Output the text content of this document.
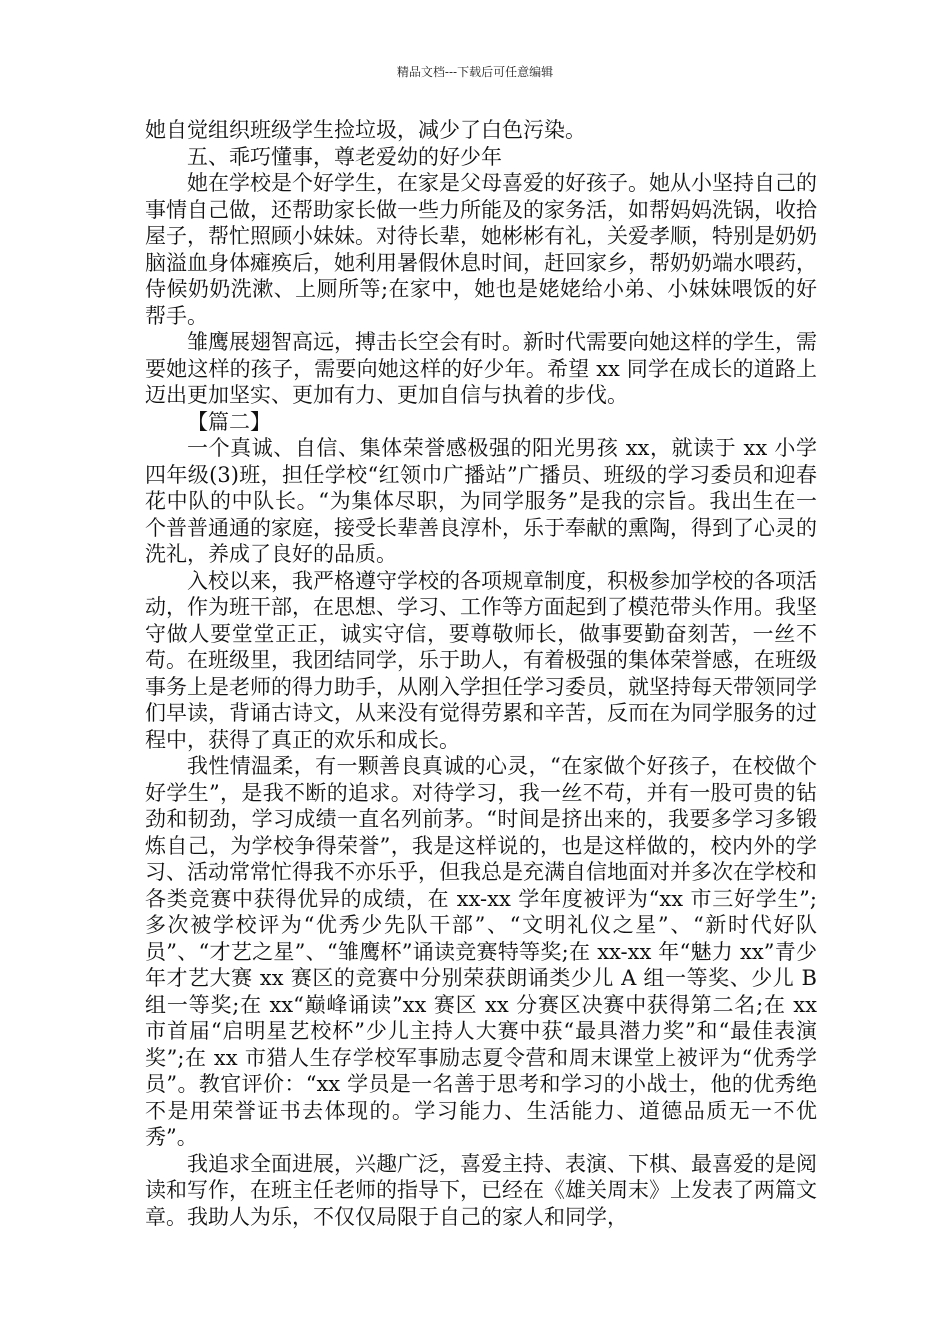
精品文档---下载后可任意编辑

她自觉组织班级学生捡垃圾，减少了白色污染。

五、乖巧懂事，尊老爱幼的好少年

她在学校是个好学生，在家是父母喜爱的好孩子。她从小坚持自己的事情自己做，还帮助家长做一些力所能及的家务活，如帮妈妈洗锅，收拾屋子，帮忙照顾小妹妹。对待长辈，她彬彬有礼，关爱孝顺，特别是奶奶脑溢血身体瘫痪后，她利用暑假休息时间，赶回家乡，帮奶奶端水喂药，侍候奶奶洗漱、上厕所等;在家中，她也是姥姥给小弟、小妹妹喂饭的好帮手。

雏鹰展翅智高远，搏击长空会有时。新时代需要向她这样的学生，需要她这样的孩子，需要向她这样的好少年。希望 xx 同学在成长的道路上迈出更加坚实、更加有力、更加自信与执着的步伐。

【篇二】

一个真诚、自信、集体荣誉感极强的阳光男孩 xx，就读于 xx 小学四年级(3)班，担任学校“红领巾广播站”广播员、班级的学习委员和迎春花中队的中队长。“为集体尽职，为同学服务”是我的宗旨。我出生在一个普普通通的家庭，接受长辈善良淳朴，乐于奉献的熏陶，得到了心灵的洗礼，养成了良好的品质。

入校以来，我严格遵守学校的各项规章制度，积极参加学校的各项活动，作为班干部，在思想、学习、工作等方面起到了模范带头作用。我坚守做人要堂堂正正，诚实守信，要尊敬师长，做事要勤奋刻苦，一丝不苟。在班级里，我团结同学，乐于助人，有着极强的集体荣誉感，在班级事务上是老师的得力助手，从刚入学担任学习委员，就坚持每天带领同学们早读，背诵古诗文，从来没有觉得劳累和辛苦，反而在为同学服务的过程中，获得了真正的欢乐和成长。

我性情温柔，有一颗善良真诚的心灵，“在家做个好孩子，在校做个好学生”，是我不断的追求。对待学习，我一丝不苟，并有一股可贵的钻劲和韧劲，学习成绩一直名列前茅。“时间是挤出来的，我要多学习多锻炼自己，为学校争得荣誉”，我是这样说的，也是这样做的，校内外的学习、活动常常忙得我不亦乐乎，但我总是充满自信地面对并多次在学校和各类竞赛中获得优异的成绩，在 xx-xx 学年度被评为“xx 市三好学生”;多次被学校评为“优秀少先队干部”、“文明礼仪之星”、“新时代好队员”、“才艺之星”、“雏鹰杯”诵读竞赛特等奖;在 xx-xx 年“魅力 xx”青少年才艺大赛 xx 赛区的竞赛中分别荣获朗诵类少儿 A 组一等奖、少儿 B 组一等奖;在 xx“巅峰诵读”xx 赛区 xx 分赛区决赛中获得第二名;在 xx 市首届“启明星艺校杯”少儿主持人大赛中获“最具潜力奖”和“最佳表演奖”;在 xx 市猎人生存学校军事励志夏令营和周末课堂上被评为“优秀学员”。教官评价：“xx 学员是一名善于思考和学习的小战士，他的优秀绝不是用荣誉证书去体现的。学习能力、生活能力、道德品质无一不优秀”。

我追求全面进展，兴趣广泛，喜爱主持、表演、下棋、最喜爱的是阅读和写作，在班主任老师的指导下，已经在《雄关周末》上发表了两篇文章。我助人为乐，不仅仅局限于自己的家人和同学，
